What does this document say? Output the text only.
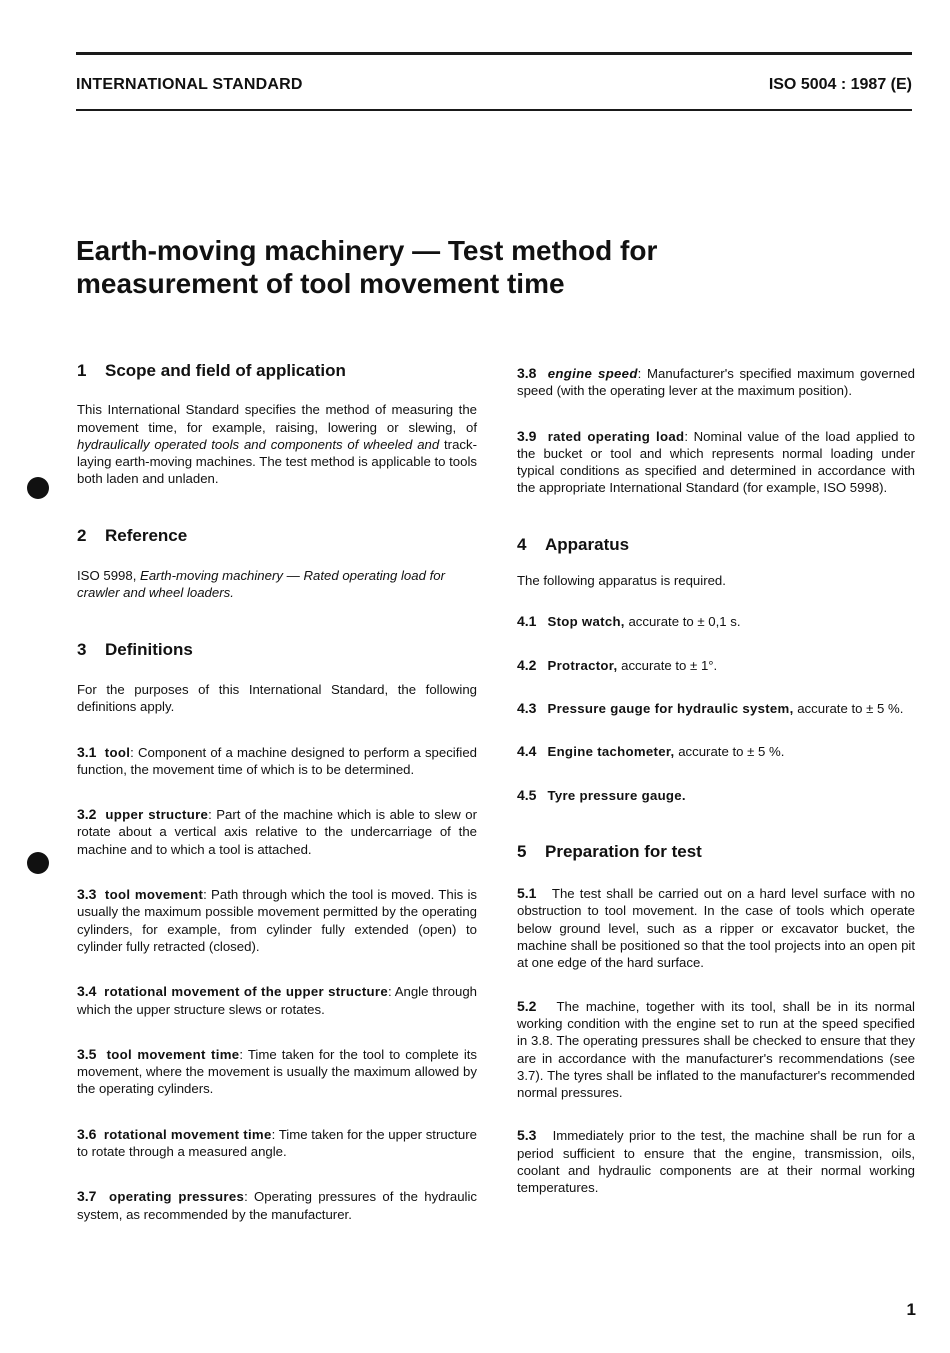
INTERNATIONAL STANDARD	ISO 5004 : 1987 (E)
Earth-moving machinery — Test method for
measurement of tool movement time
1 Scope and field of application

This International Standard specifies the method of measuring the movement time, for example, raising, lowering or slewing, of hydraulically operated tools and components of wheeled and track-laying earth-moving machines. The test method is applicable to tools both laden and unladen.

2 Reference

ISO 5998, Earth-moving machinery — Rated operating load for crawler and wheel loaders.

3 Definitions

For the purposes of this International Standard, the following definitions apply.

3.1 tool: Component of a machine designed to perform a specified function, the movement time of which is to be determined.

3.2 upper structure: Part of the machine which is able to slew or rotate about a vertical axis relative to the undercarriage of the machine and to which a tool is attached.

3.3 tool movement: Path through which the tool is moved. This is usually the maximum possible movement permitted by the operating cylinders, for example, from cylinder fully extended (open) to cylinder fully retracted (closed).

3.4 rotational movement of the upper structure: Angle through which the upper structure slews or rotates.

3.5 tool movement time: Time taken for the tool to complete its movement, where the movement is usually the maximum allowed by the operating cylinders.

3.6 rotational movement time: Time taken for the upper structure to rotate through a measured angle.

3.7 operating pressures: Operating pressures of the hydraulic system, as recommended by the manufacturer.

3.8 engine speed: Manufacturer's specified maximum governed speed (with the operating lever at the maximum position).

3.9 rated operating load: Nominal value of the load applied to the bucket or tool and which represents normal loading under typical conditions as specified and determined in accordance with the appropriate International Standard (for example, ISO 5998).

4 Apparatus

The following apparatus is required.

4.1 Stop watch, accurate to ± 0,1 s.

4.2 Protractor, accurate to ± 1°.

4.3 Pressure gauge for hydraulic system, accurate to ± 5 %.

4.4 Engine tachometer, accurate to ± 5 %.

4.5 Tyre pressure gauge.

5 Preparation for test

5.1 The test shall be carried out on a hard level surface with no obstruction to tool movement. In the case of tools which operate below ground level, such as a ripper or excavator bucket, the machine shall be positioned so that the tool projects into an open pit at one edge of the hard surface.

5.2 The machine, together with its tool, shall be in its normal working condition with the engine set to run at the speed specified in 3.8. The operating pressures shall be checked to ensure that they are in accordance with the manufacturer's recommendations (see 3.7). The tyres shall be inflated to the manufacturer's recommended normal pressures.

5.3 Immediately prior to the test, the machine shall be run for a period sufficient to ensure that the engine, transmission, oils, coolant and hydraulic components are at their normal working temperatures.

1
